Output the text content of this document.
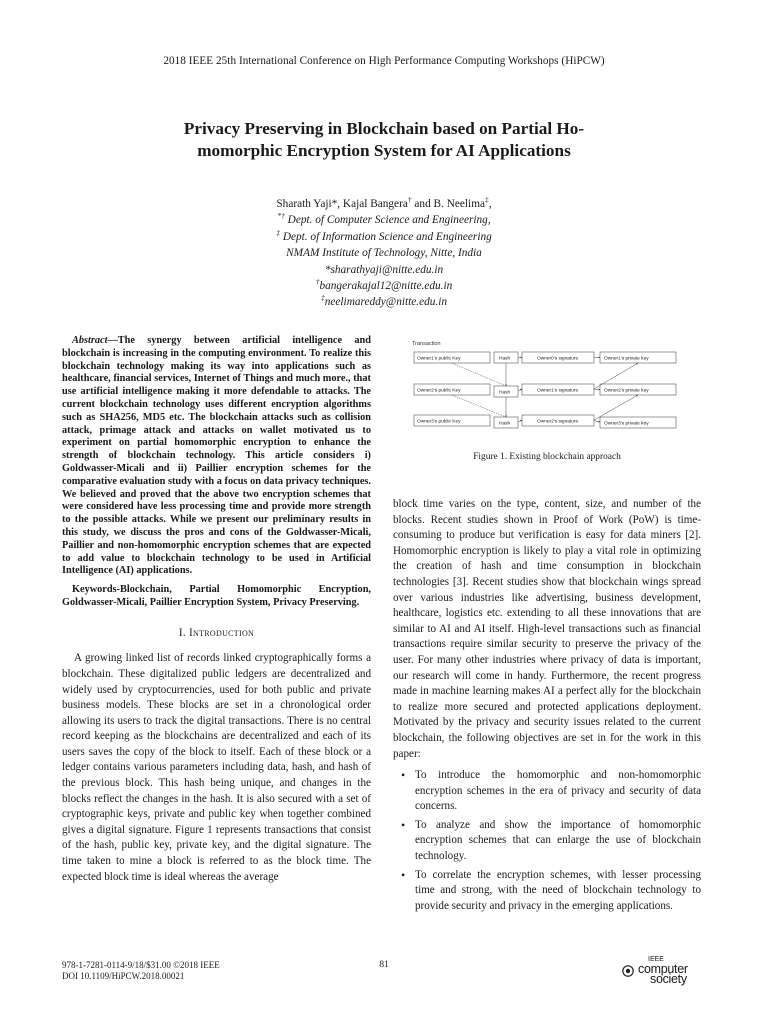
2018 IEEE 25th International Conference on High Performance Computing Workshops (HiPCW)
Privacy Preserving in Blockchain based on Partial Ho-
momorphic Encryption System for AI Applications
Sharath Yaji*, Kajal Bangera† and B. Neelima‡,
*† Dept. of Computer Science and Engineering,
‡ Dept. of Information Science and Engineering
NMAM Institute of Technology, Nitte, India
*sharathyaji@nitte.edu.in
†bangerakajal12@nitte.edu.in
‡neelimareddy@nitte.edu.in

Abstract—The synergy between artificial intelligence and blockchain is increasing in the computing environment. To realize this blockchain technology making its way into applications such as healthcare, financial services, Internet of Things and much more., that use artificial intelligence making it more defendable to attacks. The current blockchain technology uses different encryption algorithms such as SHA256, MD5 etc. The blockchain attacks such as collision attack, primage attack and attacks on wallet motivated us to experiment on partial homomorphic encryption to enhance the strength of blockchain technology. This article considers i) Goldwasser-Micali and ii) Paillier encryption schemes for the comparative evaluation study with a focus on data privacy techniques. We believed and proved that the above two encryption schemes that were considered have less processing time and provide more strength to the possible attacks. While we present our preliminary results in this study, we discuss the pros and cons of the Goldwasser-Micali, Paillier and non-homomorphic encryption schemes that are expected to add value to blockchain technology to be used in Artificial Intelligence (AI) applications.

Keywords-Blockchain, Partial Homomorphic Encryption, Goldwasser-Micali, Paillier Encryption System, Privacy Preserving.

I. Introduction

A growing linked list of records linked cryptographically forms a blockchain. These digitalized public ledgers are decentralized and widely used by cryptocurrencies, used for both public and private business models. These blocks are set in a chronological order allowing its users to track the digital transactions. There is no central record keeping as the blockchains are decentralized and each of its users saves the copy of the block to itself. Each of these block or a ledger contains various parameters including data, hash, and hash of the previous block. This hash being unique, and changes in the blocks reflect the changes in the hash. It is also secured with a set of cryptographic keys, private and public key when together combined gives a digital signature. Figure 1 represents transactions that consist of the hash, public key, private key, and the digital signature. The time taken to mine a block is referred to as the block time. The expected block time is ideal whereas the average

Transaction
Owner1's public Key	Hash	Owner0's signature	Owner1's private key
Owner2's public Key	Hash	Owner1's signature	Owner2's private key
Owner3's public Key	Hash	Owner2's signature	Owner3's private key
Figure 1. Existing blockchain approach

block time varies on the type, content, size, and number of the blocks. Recent studies shown in Proof of Work (PoW) is time-consuming to produce but verification is easy for data miners [2]. Homomorphic encryption is likely to play a vital role in optimizing the creation of hash and time consumption in blockchain technologies [3]. Recent studies show that blockchain wings spread over various industries like advertising, business development, healthcare, logistics etc. extending to all these innovations that are similar to AI and AI itself. High-level transactions such as financial transactions require similar security to preserve the privacy of the user. For many other industries where privacy of data is important, our research will come in handy. Furthermore, the recent progress made in machine learning makes AI a perfect ally for the blockchain to realize more secured and protected applications deployment. Motivated by the privacy and security issues related to the current blockchain, the following objectives are set in for the work in this paper:

• To introduce the homomorphic and non-homomorphic encryption schemes in the era of privacy and security of data concerns.
• To analyze and show the importance of homomorphic encryption schemes that can enlarge the use of blockchain technology.
• To correlate the encryption schemes, with lesser processing time and strong, with the need of blockchain technology to provide security and privacy in the emerging applications.
978-1-7281-0114-9/18/$31.00 ©2018 IEEE
DOI 10.1109/HiPCW.2018.00021
81
IEEE
computer
society
